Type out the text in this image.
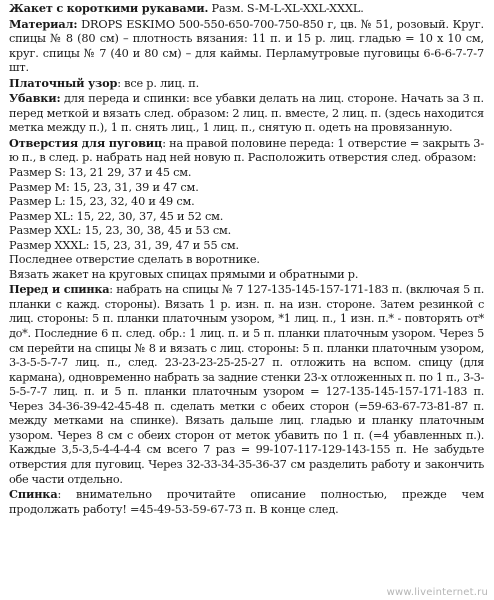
Жакет с короткими рукавами. Разм. S-M-L-XL-XXL-XXXL.

Материал: DROPS ESKIMO 500-550-650-700-750-850 г, цв. № 51, розовый. Круг. спицы № 8 (80 см) – плотность вязания: 11 п. и 15 р. лиц. гладью = 10 х 10 см, круг. спицы № 7 (40 и 80 см) – для каймы. Перламутровые пуговицы 6-6-6-7-7-7 шт.

Платочный узор: все р. лиц. п.

Убавки: для переда и спинки: все убавки делать на лиц. стороне. Начать за 3 п. перед меткой и вязать след. образом: 2 лиц. п. вместе, 2 лиц. п. (здесь находится метка между п.), 1 п. снять лиц., 1 лиц. п., снятую п. одеть на провязанную.

Отверстия для пуговиц: на правой половине переда: 1 отверстие = закрыть 3-ю п., в след. р. набрать над ней новую п. Расположить отверстия след. образом:

Размер S: 13, 21 29, 37 и 45 см.

Размер M: 15, 23, 31, 39 и 47 см.

Размер L: 15, 23, 32, 40 и 49 см.

Размер XL: 15, 22, 30, 37, 45 и 52 см.

Размер XXL: 15, 23, 30, 38, 45 и 53 см.

Размер XXXL: 15, 23, 31, 39, 47 и 55 см.

Последнее отверстие сделать в воротнике.

Вязать жакет на круговых спицах прямыми и обратными р.

Перед и спинка: набрать на спицы № 7 127-135-145-157-171-183 п. (включая 5 п. планки с кажд. стороны). Вязать 1 р. изн. п. на изн. стороне. Затем резинкой с лиц. стороны: 5 п. планки платочным узором, *1 лиц. п., 1 изн. п.* - повторять от* до*. Последние 6 п. след. обр.: 1 лиц. п. и 5 п. планки платочным узором. Через 5 см перейти на спицы № 8 и вязать с лиц. стороны: 5 п. планки платочным узором, 3-3-5-5-7-7 лиц. п., след. 23-23-23-25-25-27 п. отложить на вспом. спицу (для кармана), одновременно набрать за задние стенки 23-х отложенных п. по 1 п., 3-3-5-5-7-7 лиц. п. и 5 п. планки платочным узором = 127-135-145-157-171-183 п. Через 34-36-39-42-45-48 п. сделать метки с обеих сторон (=59-63-67-73-81-87 п. между метками на спинке). Вязать дальше лиц. гладью и планку платочным узором. Через 8 см с обеих сторон от меток убавить по 1 п. (=4 убавленных п.). Каждые 3,5-3,5-4-4-4-4 см всего 7 раз = 99-107-117-129-143-155 п. Не забудьте отверстия для пуговиц. Через 32-33-34-35-36-37 см разделить работу и закончить обе части отдельно.

Спинка: внимательно прочитайте описание полностью, прежде чем продолжать работу! =45-49-53-59-67-73 п. В конце след.

www.liveinternet.ru
